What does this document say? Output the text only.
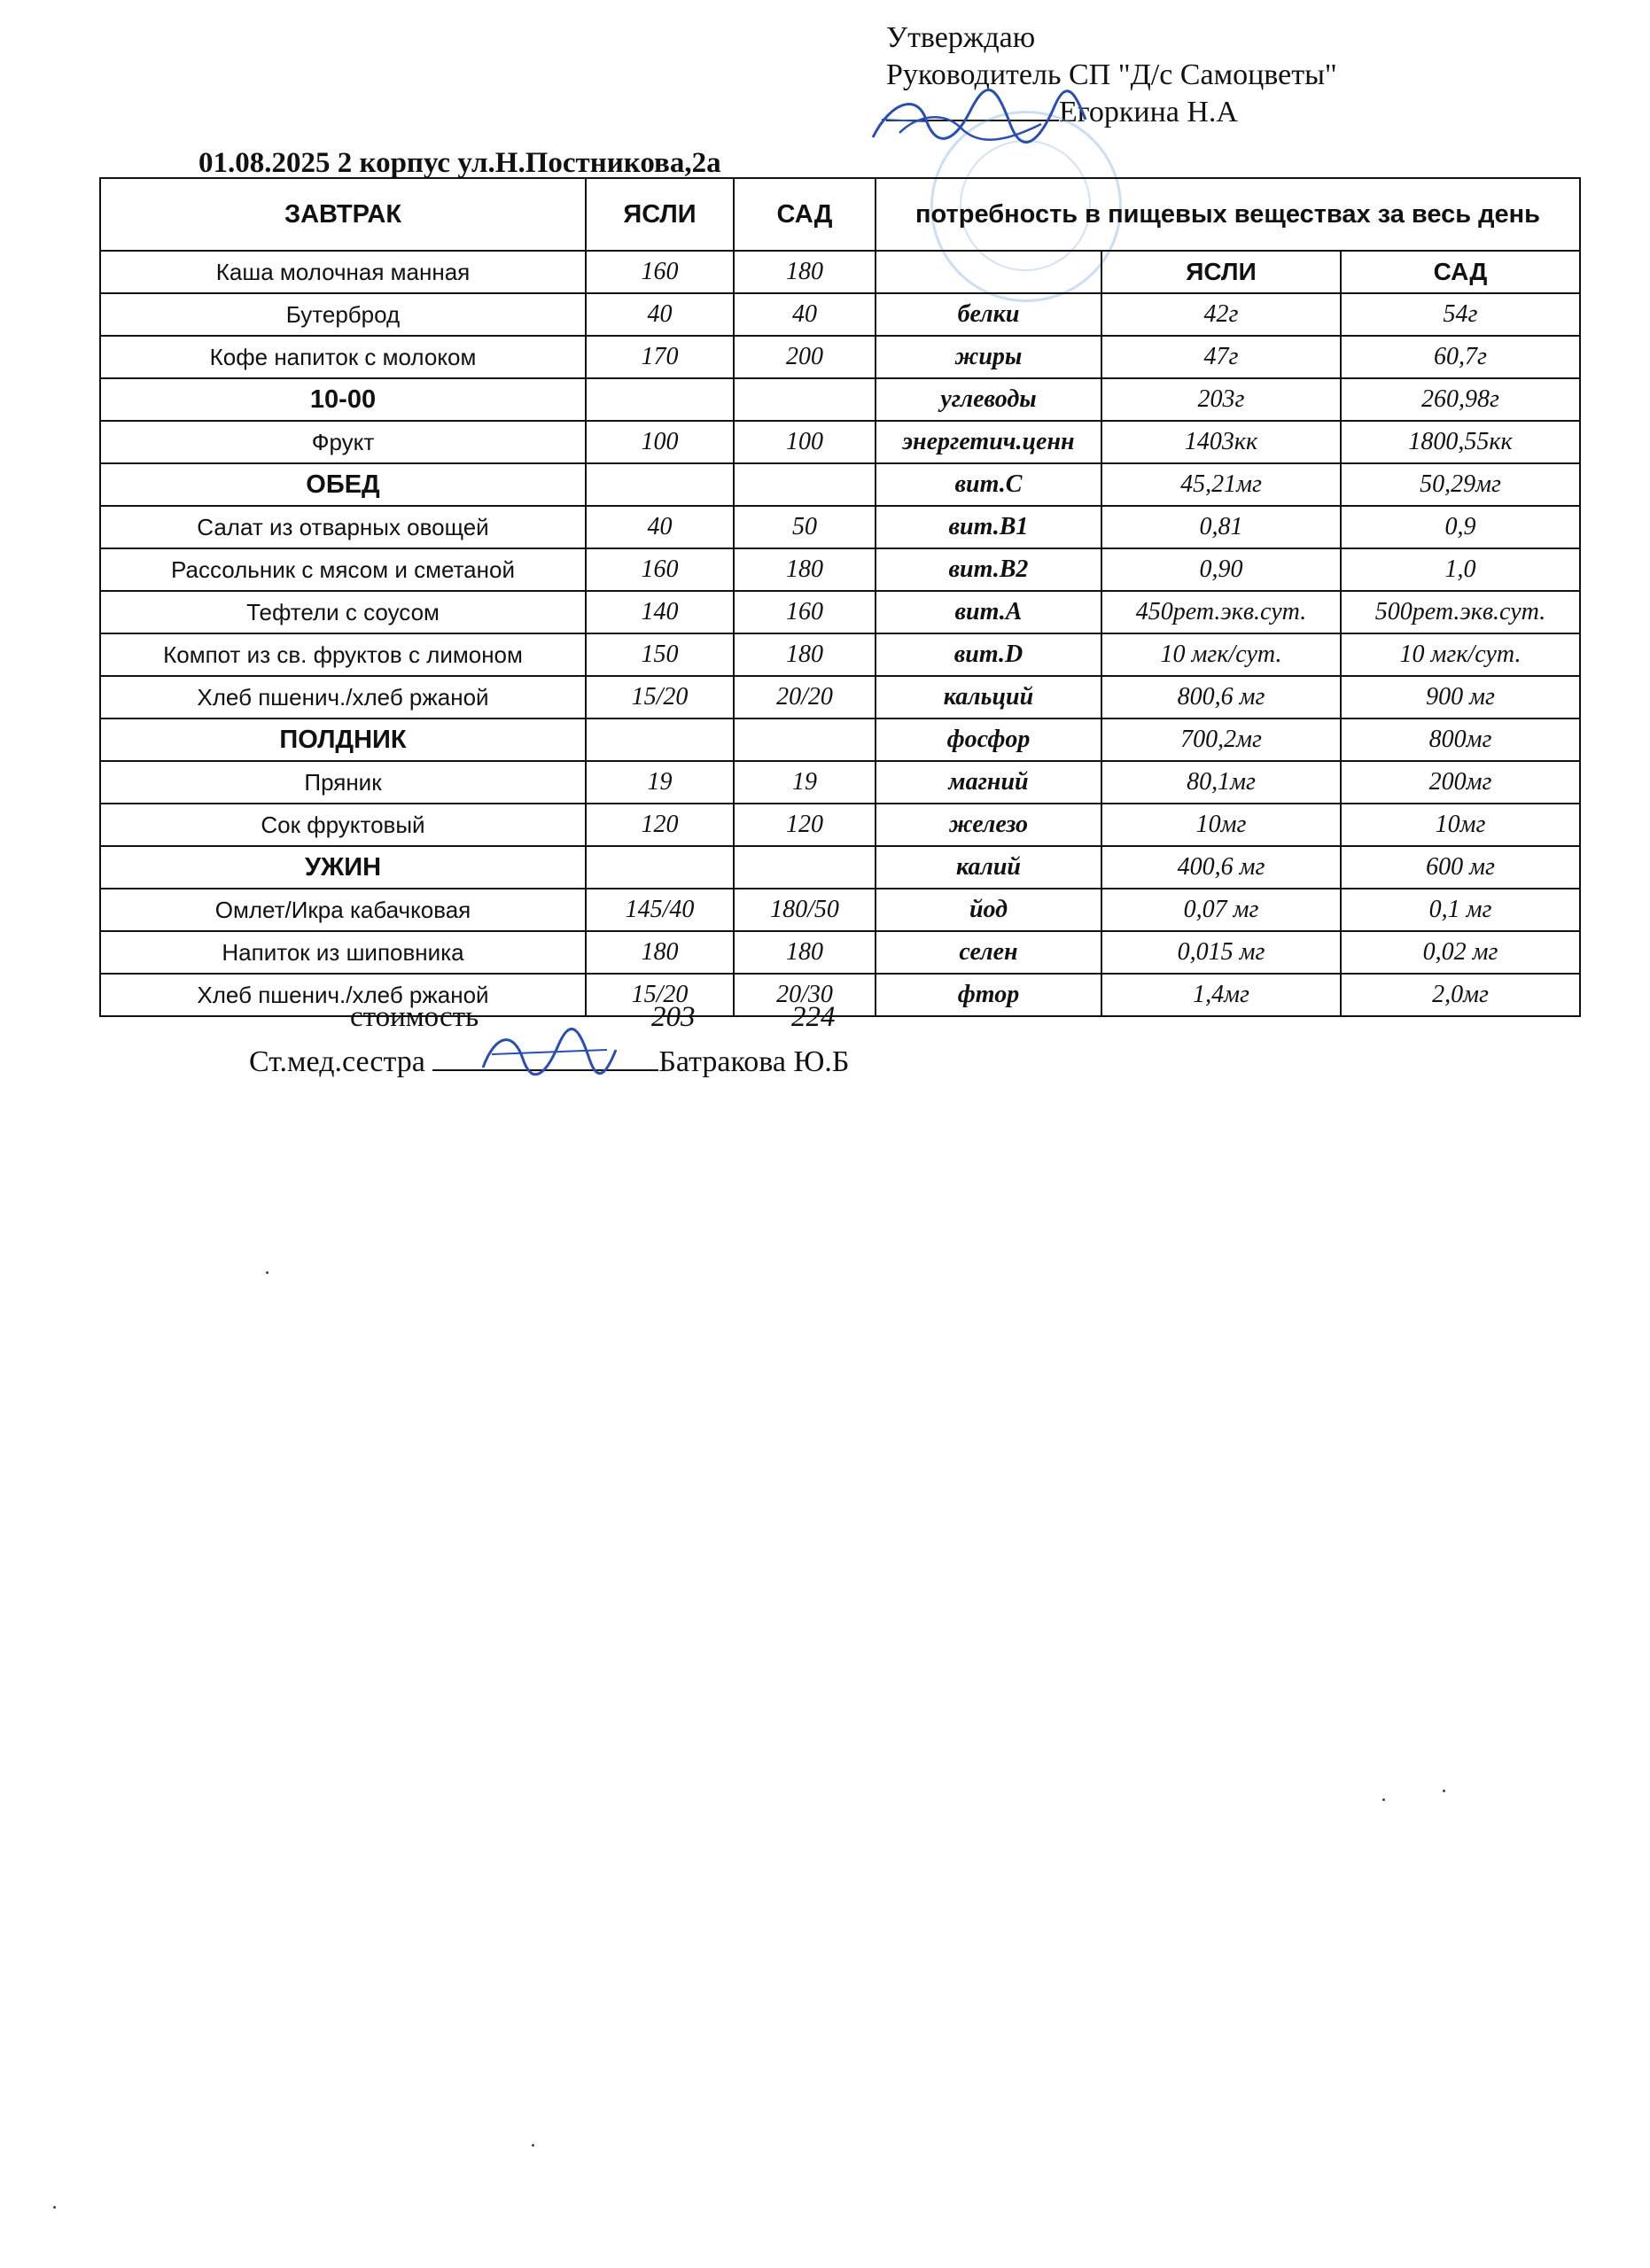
Утверждаю
Руководитель СП "Д/с Самоцветы"
Егоркина Н.А
01.08.2025 2 корпус ул.Н.Постникова,2а
ЗАВТРАК	ЯСЛИ	САД	потребность в пищевых веществах за весь день		
Каша молочная манная	160	180		ЯСЛИ	САД
Бутерброд	40	40	белки	42г	54г
Кофе напиток с молоком	170	200	жиры	47г	60,7г
10-00			углеводы	203г	260,98г
Фрукт	100	100	энергетич.ценн	1403кк	1800,55кк
ОБЕД			вит.С	45,21мг	50,29мг
Салат из отварных овощей	40	50	вит.В1	0,81	0,9
Рассольник с мясом и сметаной	160	180	вит.В2	0,90	1,0
Тефтели с соусом	140	160	вит.А	450рет.экв.сут.	500рет.экв.сут.
Компот из св. фруктов с лимоном	150	180	вит.D	10 мгк/сут.	10 мгк/сут.
Хлеб пшенич./хлеб ржаной	15/20	20/20	кальций	800,6 мг	900 мг
ПОЛДНИК			фосфор	700,2мг	800мг
Пряник	19	19	магний	80,1мг	200мг
Сок фруктовый	120	120	железо	10мг	10мг
УЖИН			калий	400,6 мг	600 мг
Омлет/Икра кабачковая	145/40	180/50	йод	0,07 мг	0,1 мг
Напиток из шиповника	180	180	селен	0,015 мг	0,02 мг
Хлеб пшенич./хлеб ржаной	15/20	20/30	фтор	1,4мг	2,0мг
стоимость	203	224
Ст.мед.сестра	Батракова Ю.Б
